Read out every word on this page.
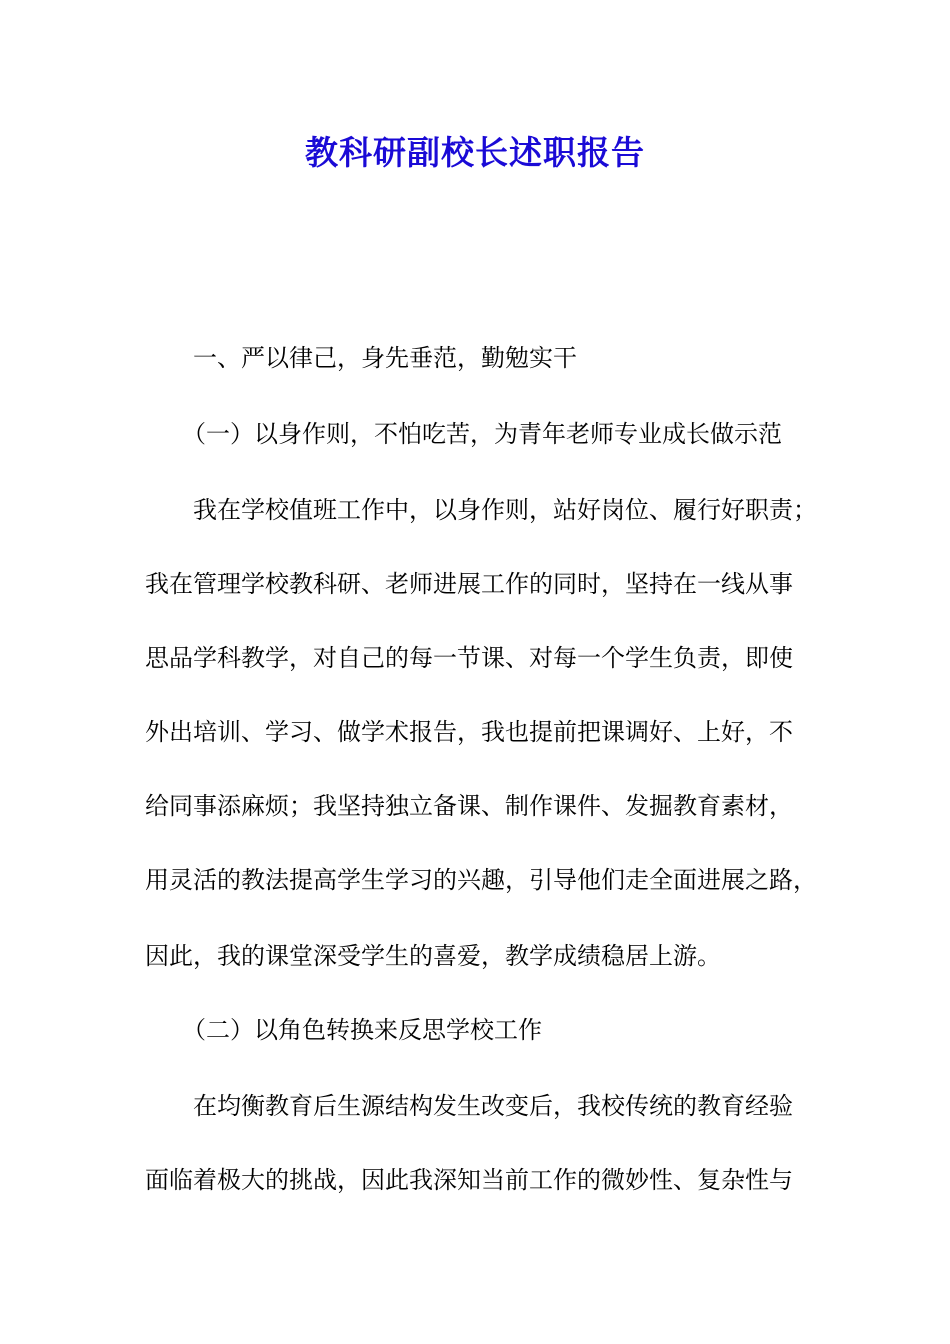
教科研副校长述职报告
一、严以律己，身先垂范，勤勉实干
（一）以身作则，不怕吃苦，为青年老师专业成长做示范
我在学校值班工作中，以身作则，站好岗位、履行好职责；
我在管理学校教科研、老师进展工作的同时，坚持在一线从事
思品学科教学，对自己的每一节课、对每一个学生负责，即使
外出培训、学习、做学术报告，我也提前把课调好、上好，不
给同事添麻烦；我坚持独立备课、制作课件、发掘教育素材，
用灵活的教法提高学生学习的兴趣，引导他们走全面进展之路，
因此，我的课堂深受学生的喜爱，教学成绩稳居上游。
（二）以角色转换来反思学校工作
在均衡教育后生源结构发生改变后，我校传统的教育经验
面临着极大的挑战，因此我深知当前工作的微妙性、复杂性与
